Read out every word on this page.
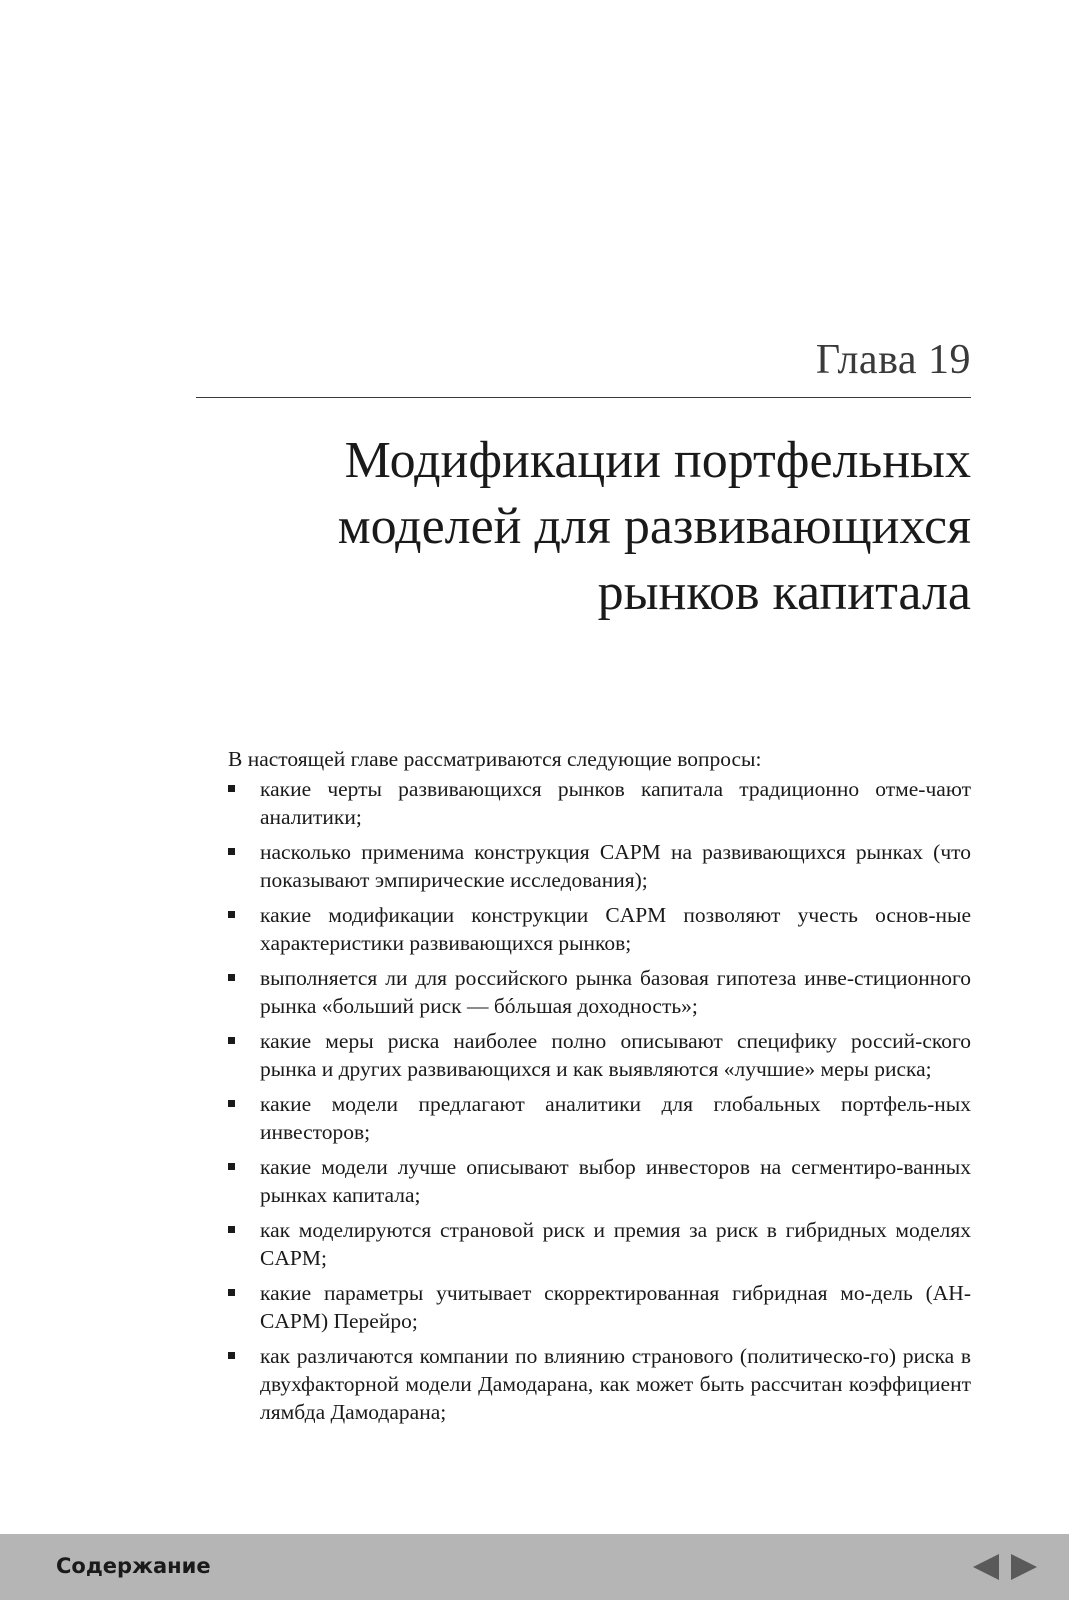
Глава 19
Модификации портфельных
моделей для развивающихся
рынков капитала

В настоящей главе рассматриваются следующие вопросы:

какие черты развивающихся рынков капитала традиционно отме-чают аналитики;
насколько применима конструкция CAPM на развивающихся рынках (что показывают эмпирические исследования);
какие модификации конструкции CAPM позволяют учесть основ-ные характеристики развивающихся рынков;
выполняется ли для российского рынка базовая гипотеза инве-стиционного рынка «больший риск — бóльшая доходность»;
какие меры риска наиболее полно описывают специфику россий-ского рынка и других развивающихся и как выявляются «лучшие» меры риска;
какие модели предлагают аналитики для глобальных портфель-ных инвесторов;
какие модели лучше описывают выбор инвесторов на сегментиро-ванных рынках капитала;
как моделируются страновой риск и премия за риск в гибридных моделях CAPM;
какие параметры учитывает скорректированная гибридная мо-дель (AH-CAPM) Перейро;
как различаются компании по влиянию странового (политическо-го) риска в двухфакторной модели Дамодарана, как может быть рассчитан коэффициент лямбда Дамодарана;
Содержание
